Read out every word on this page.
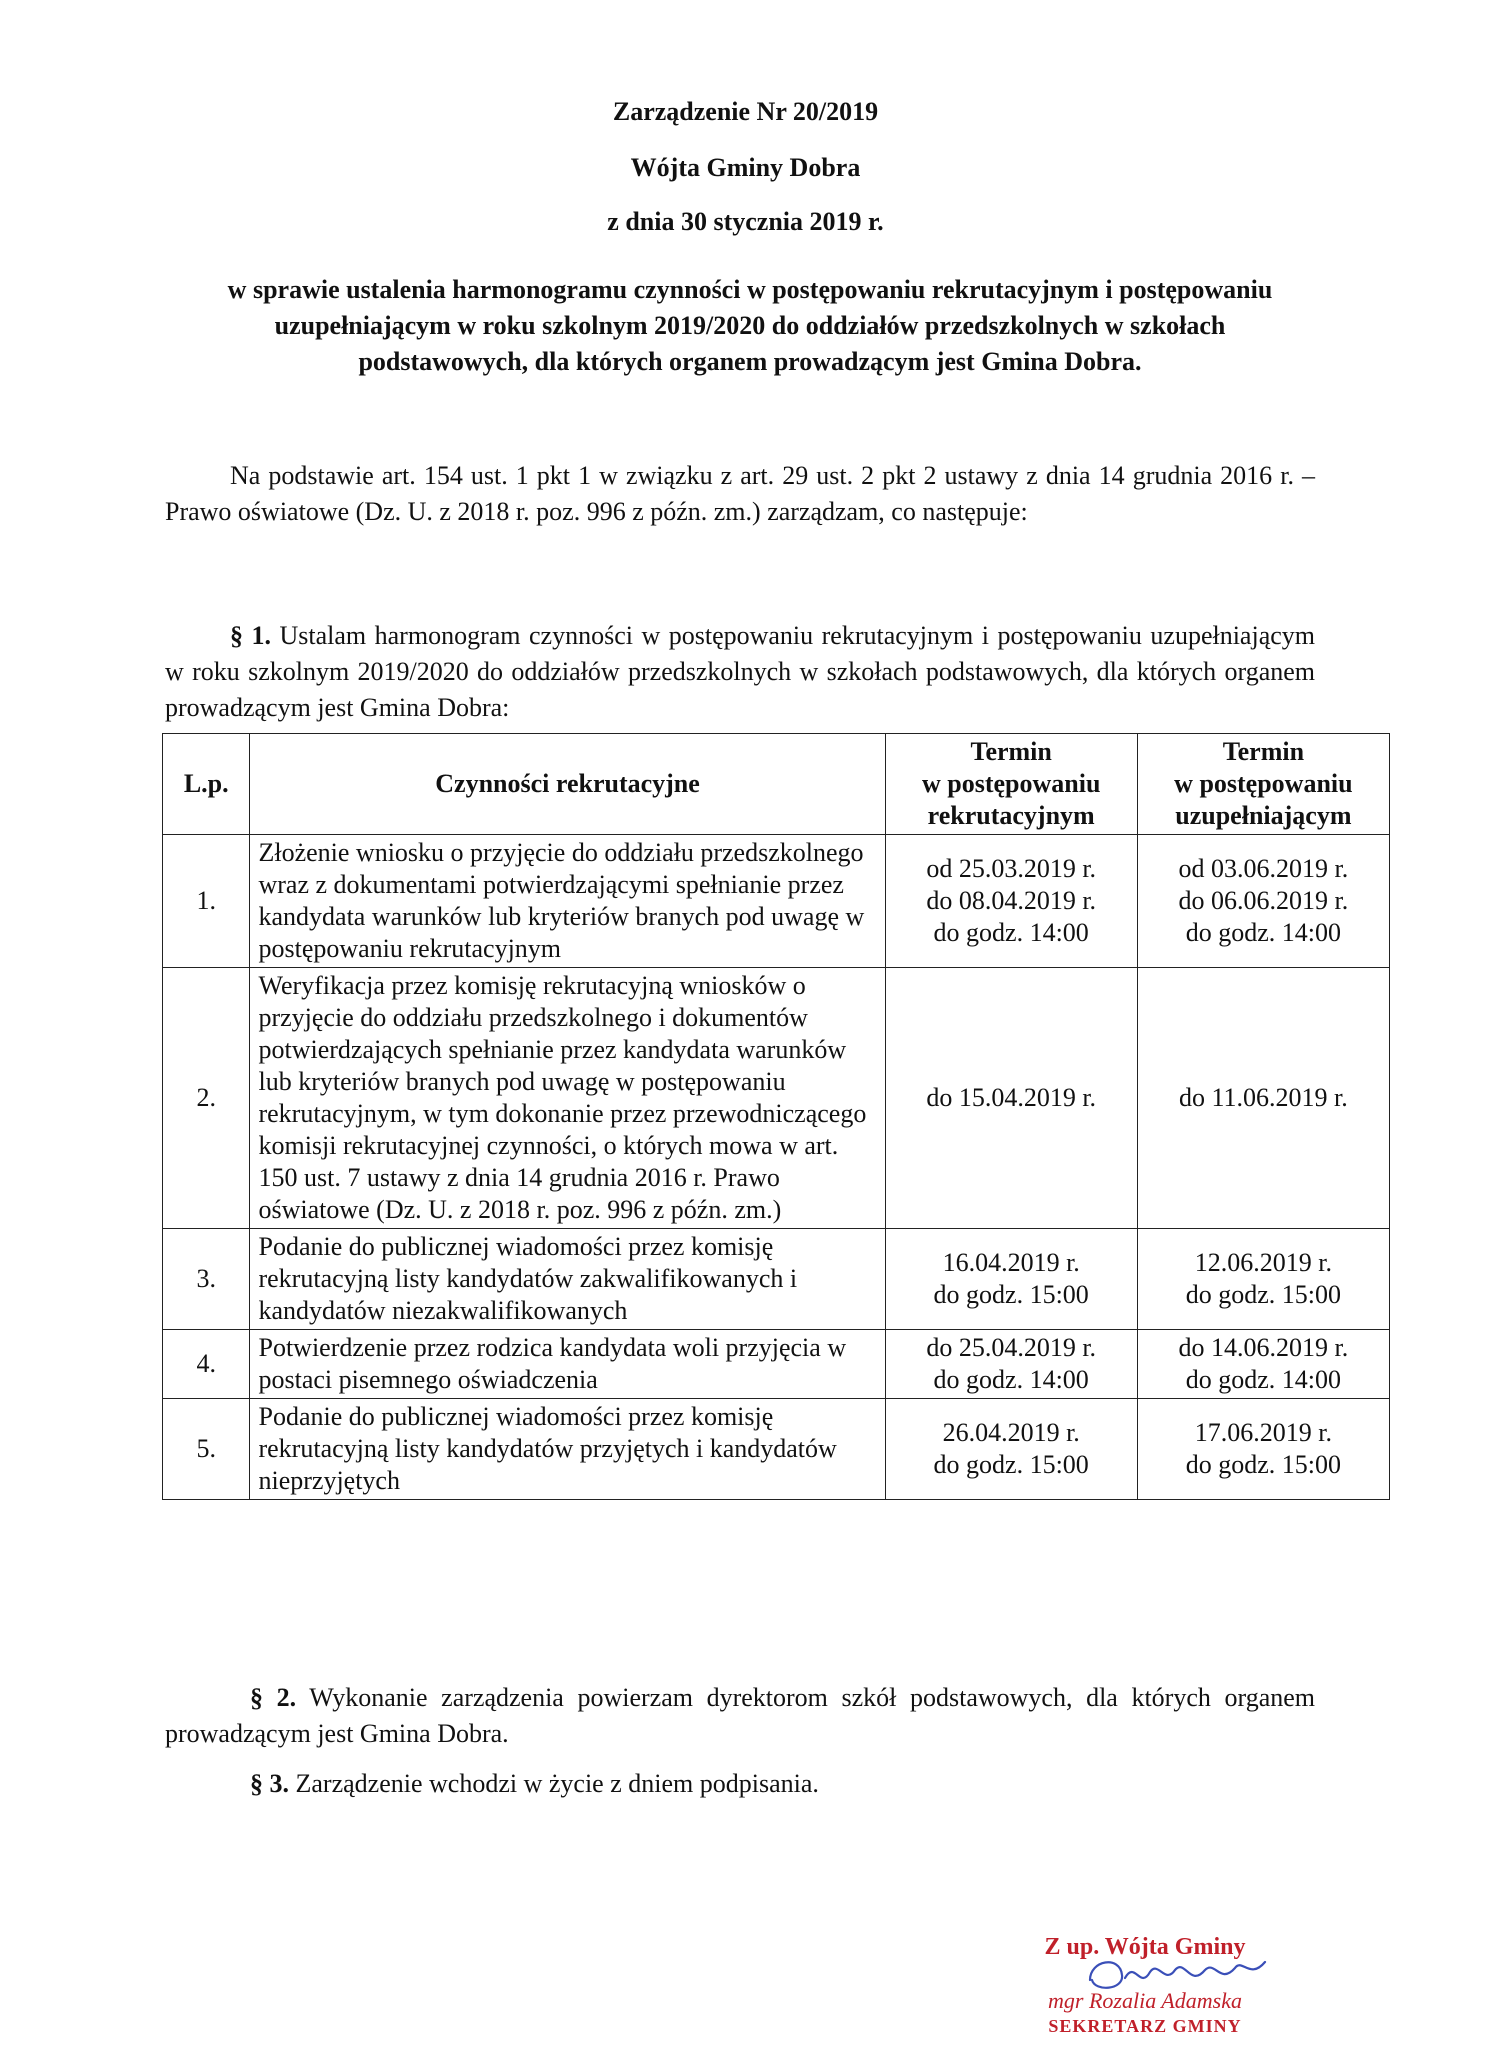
Zarządzenie Nr 20/2019
Wójta Gminy Dobra
z dnia 30 stycznia 2019 r.
w sprawie ustalenia harmonogramu czynności w postępowaniu rekrutacyjnym i postępowaniu uzupełniającym w roku szkolnym 2019/2020 do oddziałów przedszkolnych w szkołach podstawowych, dla których organem prowadzącym jest Gmina Dobra.
Na podstawie art. 154 ust. 1 pkt 1 w związku z art. 29 ust. 2 pkt 2 ustawy z dnia 14 grudnia 2016 r. – Prawo oświatowe (Dz. U. z 2018 r. poz. 996 z późn. zm.) zarządzam, co następuje:
§ 1. Ustalam harmonogram czynności w postępowaniu rekrutacyjnym i postępowaniu uzupełniającym w roku szkolnym 2019/2020 do oddziałów przedszkolnych w szkołach podstawowych, dla których organem prowadzącym jest Gmina Dobra:
L.p.	Czynności rekrutacyjne	Termin
w postępowaniu
rekrutacyjnym	Termin
w postępowaniu
uzupełniającym

1.	Złożenie wniosku o przyjęcie do oddziału przedszkolnego wraz z dokumentami potwierdzającymi spełnianie przez kandydata warunków lub kryteriów branych pod uwagę w postępowaniu rekrutacyjnym	od 25.03.2019 r.
do 08.04.2019 r.
do godz. 14:00	od 03.06.2019 r.
do 06.06.2019 r.
do godz. 14:00

2.	Weryfikacja przez komisję rekrutacyjną wniosków o przyjęcie do oddziału przedszkolnego i dokumentów potwierdzających spełnianie przez kandydata warunków lub kryteriów branych pod uwagę w postępowaniu rekrutacyjnym, w tym dokonanie przez przewodniczącego komisji rekrutacyjnej czynności, o których mowa w art. 150 ust. 7 ustawy z dnia 14 grudnia 2016 r. Prawo oświatowe (Dz. U. z 2018 r. poz. 996 z późn. zm.)	do 15.04.2019 r.	do 11.06.2019 r.

3.	Podanie do publicznej wiadomości przez komisję rekrutacyjną listy kandydatów zakwalifikowanych i kandydatów niezakwalifikowanych	16.04.2019 r.
do godz. 15:00	12.06.2019 r.
do godz. 15:00

4.	Potwierdzenie przez rodzica kandydata woli przyjęcia w postaci pisemnego oświadczenia	do 25.04.2019 r.
do godz. 14:00	do 14.06.2019 r.
do godz. 14:00

5.	Podanie do publicznej wiadomości przez komisję rekrutacyjną listy kandydatów przyjętych i kandydatów nieprzyjętych	26.04.2019 r.
do godz. 15:00	17.06.2019 r.
do godz. 15:00
§ 2. Wykonanie zarządzenia powierzam dyrektorom szkół podstawowych, dla których organem prowadzącym jest Gmina Dobra.
§ 3. Zarządzenie wchodzi w życie z dniem podpisania.
Z up. Wójta Gminy
mgr Rozalia Adamska
SEKRETARZ GMINY
